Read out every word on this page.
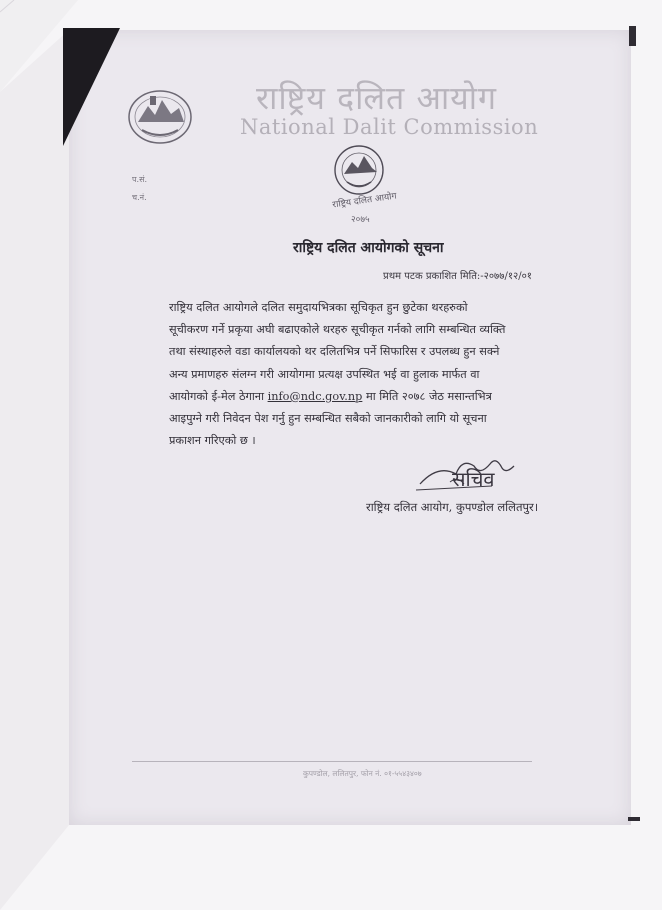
राष्ट्रिय दलित आयोग
National Dalit Commission
प.सं.
च.नं.	राष्ट्रिय दलित आयोग
२०७५
राष्ट्रिय दलित आयोगको सूचना
प्रथम पटक प्रकाशित मिति:-२०७७/१२/०१
राष्ट्रिय दलित आयोगले दलित समुदायभित्रका सूचिकृत हुन छुटेका थरहरुको
सूचीकरण गर्ने प्रकृया अघी बढाएकोले थरहरु सूचीकृत गर्नको लागि सम्बन्धित व्यक्ति
तथा संस्थाहरुले वडा कार्यालयको थर दलितभित्र पर्ने सिफारिस र उपलब्ध हुन सक्ने
अन्य प्रमाणहरु संलग्न गरी आयोगमा प्रत्यक्ष उपस्थित भई वा हुलाक मार्फत वा
आयोगको ई-मेल ठेगाना info@ndc.gov.np मा मिति २०७८ जेठ मसान्तभित्र
आइपुग्ने गरी निवेदन पेश गर्नु हुन सम्बन्धित सबैको जानकारीको लागि यो सूचना
प्रकाशन गरिएको छ ।
सचिव
राष्ट्रिय दलित आयोग, कुपण्डोल ललितपुर।
कुपण्डोल, ललितपुर, फोन नं. ०१-५५४३४०७
